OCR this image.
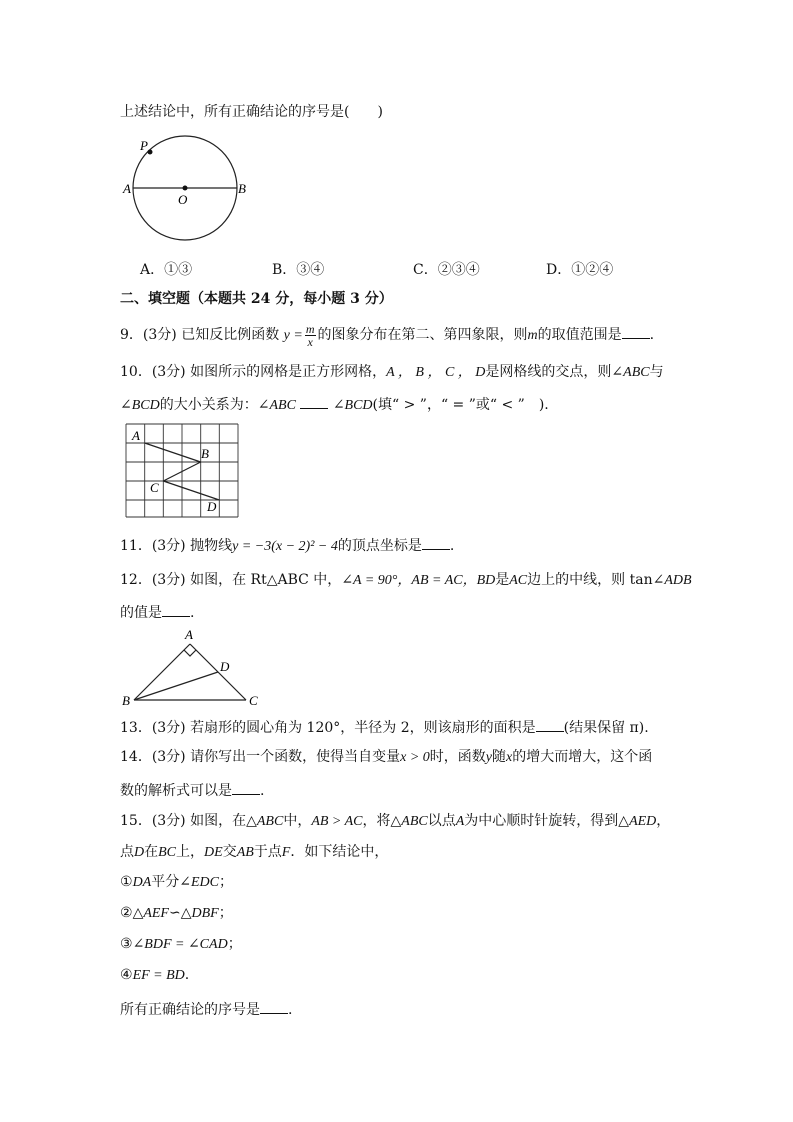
上述结论中，所有正确结论的序号是(　　)
P
A
O
B
A．①③	B．③④	C．②③④	D．①②④
二、填空题（本题共 24 分，每小题 3 分）
9．(3分) 已知反比例函数 $y = \frac{m}{x}$ 的图象分布在第二、第四象限，则m的取值范围是 .
10．(3分) 如图所示的网格是正方形网格，A ， B ， C ， D是网格线的交点，则∠ABC与
∠BCD的大小关系为：∠ABC	∠BCD(填“ > ”，“ = ”或“ < ”　).
A
B
C
D
11．(3分) 抛物线y = −3(x − 2)² − 4的顶点坐标是 .
12．(3分) 如图，在 Rt△ABC 中，∠A = 90°，AB = AC，BD是AC边上的中线，则 tan∠ADB
的值是 .
A
B	C
D
13．(3分) 若扇形的圆心角为 120°，半径为 2，则该扇形的面积是 (结果保留 π).
14．(3分) 请你写出一个函数，使得当自变量x > 0时，函数y随x的增大而增大，这个函
数的解析式可以是 .
15．(3分) 如图，在△ABC中，AB > AC，将△ABC以点A为中心顺时针旋转，得到△AED，
点D在BC上，DE交AB于点F．如下结论中，
①DA平分∠EDC；
②△AEF∽△DBF；
③∠BDF = ∠CAD；
④EF = BD.
所有正确结论的序号是 .
